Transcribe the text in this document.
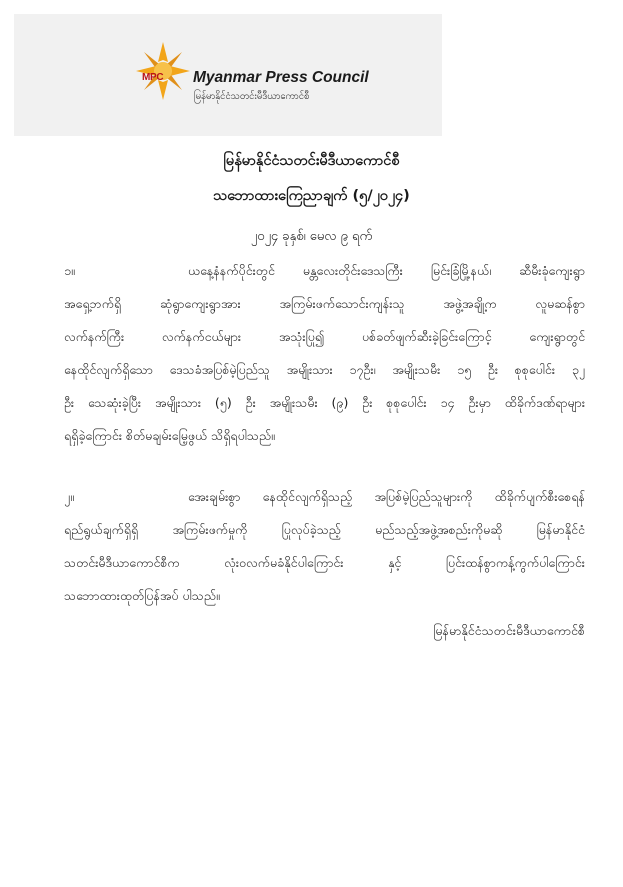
MPC Myanmar Press Council
မြန်မာနိုင်ငံသတင်းမီဒီယာကောင်စီ
မြန်မာနိုင်ငံသတင်းမီဒီယာကောင်စီ
သဘောထားကြေညာချက် (၅/၂၀၂၄)
၂၀၂၄ ခုနှစ်၊ မေလ ၉ ရက်
၁။	ယနေ့နံနက်ပိုင်းတွင် မန္တလေးတိုင်းဒေသကြီး မြင်းခြံမြို့နယ်၊ ဆီမီးခုံကျေးရွာ
အရှေ့ဘက်ရှိ ဆုံရွာကျေးရွာအား အကြမ်းဖက်သောင်းကျန်းသူ အဖွဲ့အချို့က လူမဆန်စွာ
လက်နက်ကြီး လက်နက်ငယ်များ အသုံးပြု၍ ပစ်ခတ်ဖျက်ဆီးခဲ့ခြင်းကြောင့် ကျေးရွာတွင်
နေထိုင်လျက်ရှိသော ဒေသခံအပြစ်မဲ့ပြည်သူ အမျိုးသား ၁၇ဦး၊ အမျိုးသမီး ၁၅ ဦး စုစုပေါင်း ၃၂
ဦး သေဆုံးခဲ့ပြီး အမျိုးသား (၅) ဦး အမျိုးသမီး (၉) ဦး စုစုပေါင်း ၁၄ ဦးမှာ ထိခိုက်ဒဏ်ရာများ
ရရှိခဲ့ကြောင်း စိတ်မချမ်းမြေ့ဖွယ် သိရှိရပါသည်။
၂။	အေးချမ်းစွာ နေထိုင်လျက်ရှိသည့် အပြစ်မဲ့ပြည်သူများကို ထိခိုက်ပျက်စီးစေရန်
ရည်ရွယ်ချက်ရှိရှိ အကြမ်းဖက်မှုကို ပြုလုပ်ခဲ့သည့် မည်သည့်အဖွဲ့အစည်းကိုမဆို မြန်မာနိုင်ငံ
သတင်းမီဒီယာကောင်စီက လုံးဝလက်မခံနိုင်ပါကြောင်း နှင့် ပြင်းထန်စွာကန့်ကွက်ပါကြောင်း
သဘောထားထုတ်ပြန်အပ် ပါသည်။
မြန်မာနိုင်ငံသတင်းမီဒီယာကောင်စီ
